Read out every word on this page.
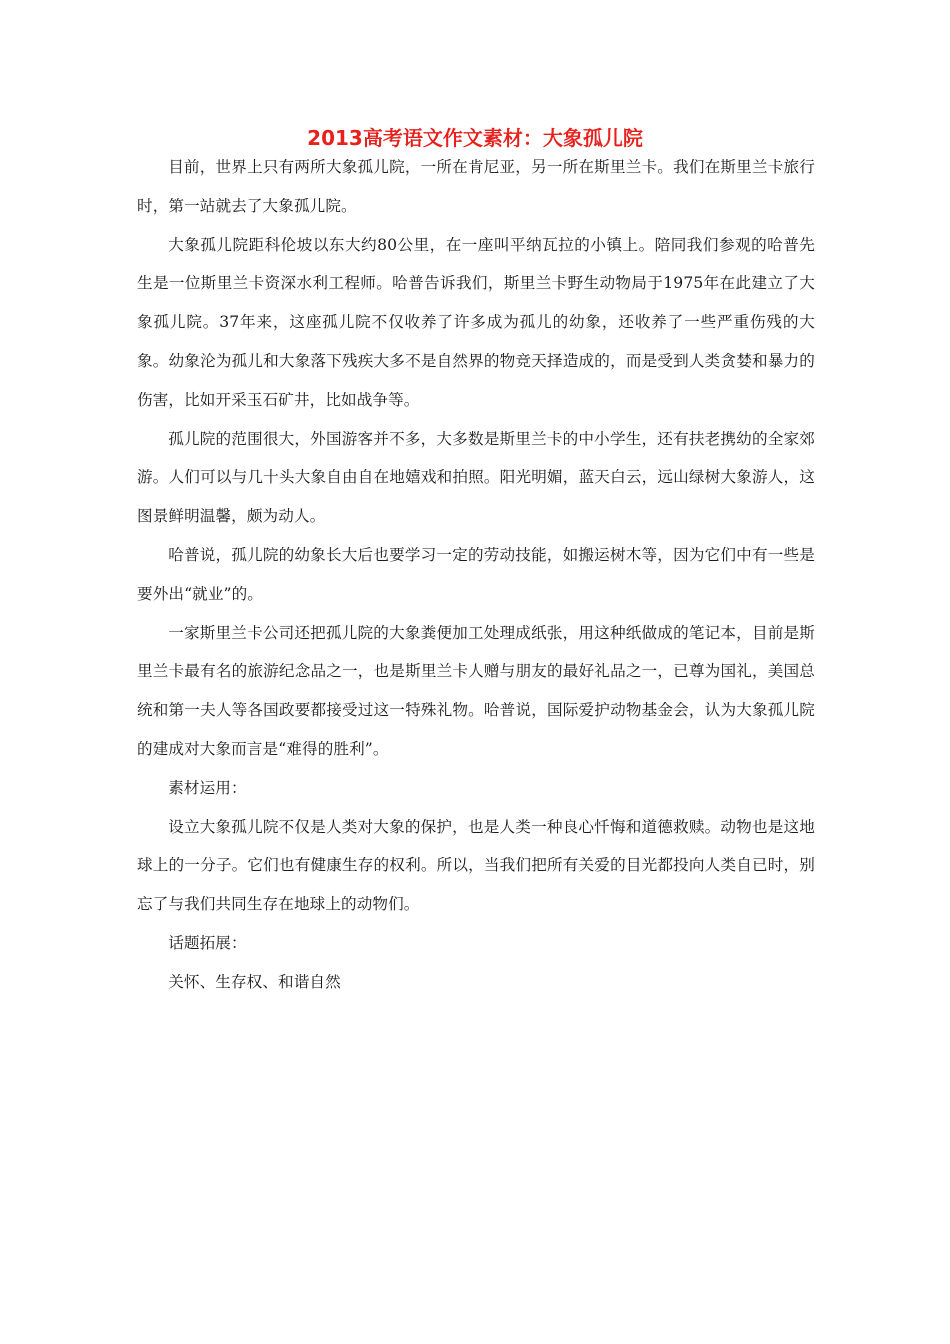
2013高考语文作文素材：大象孤儿院

目前，世界上只有两所大象孤儿院，一所在肯尼亚，另一所在斯里兰卡。我们在斯里兰卡旅行时，第一站就去了大象孤儿院。

大象孤儿院距科伦坡以东大约80公里，在一座叫平纳瓦拉的小镇上。陪同我们参观的哈普先生是一位斯里兰卡资深水利工程师。哈普告诉我们，斯里兰卡野生动物局于1975年在此建立了大象孤儿院。37年来，这座孤儿院不仅收养了许多成为孤儿的幼象，还收养了一些严重伤残的大象。幼象沦为孤儿和大象落下残疾大多不是自然界的物竞天择造成的，而是受到人类贪婪和暴力的伤害，比如开采玉石矿井，比如战争等。

孤儿院的范围很大，外国游客并不多，大多数是斯里兰卡的中小学生，还有扶老携幼的全家郊游。人们可以与几十头大象自由自在地嬉戏和拍照。阳光明媚，蓝天白云，远山绿树大象游人，这图景鲜明温馨，颇为动人。

哈普说，孤儿院的幼象长大后也要学习一定的劳动技能，如搬运树木等，因为它们中有一些是要外出“就业”的。

一家斯里兰卡公司还把孤儿院的大象粪便加工处理成纸张，用这种纸做成的笔记本，目前是斯里兰卡最有名的旅游纪念品之一，也是斯里兰卡人赠与朋友的最好礼品之一，已尊为国礼，美国总统和第一夫人等各国政要都接受过这一特殊礼物。哈普说，国际爱护动物基金会，认为大象孤儿院的建成对大象而言是“难得的胜利”。

素材运用：

设立大象孤儿院不仅是人类对大象的保护，也是人类一种良心忏悔和道德救赎。动物也是这地球上的一分子。它们也有健康生存的权利。所以，当我们把所有关爱的目光都投向人类自已时，别忘了与我们共同生存在地球上的动物们。

话题拓展：

关怀、生存权、和谐自然
